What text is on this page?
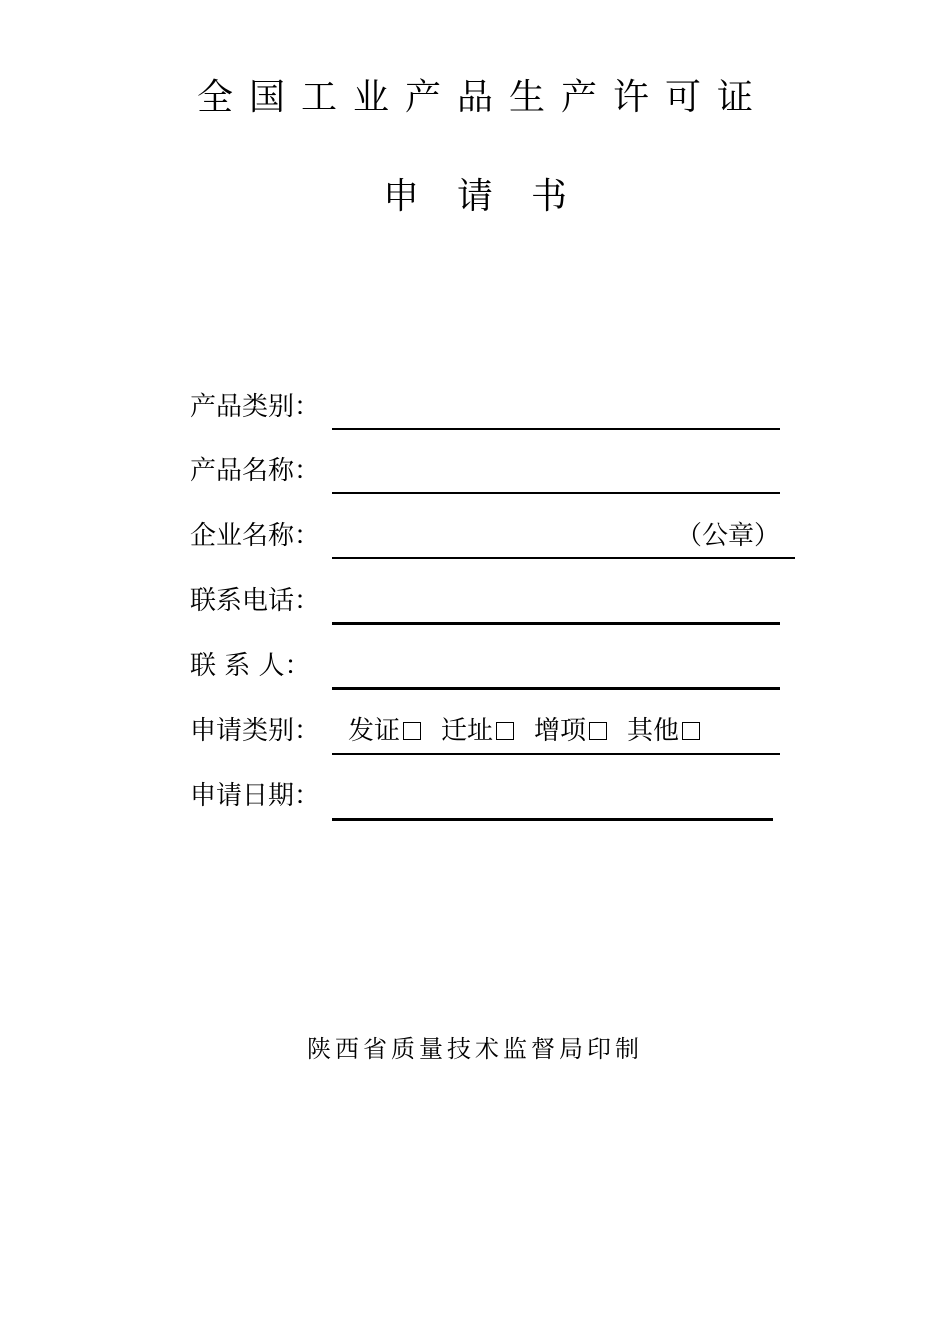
全国工业产品生产许可证
申请书
产品类别：
产品名称：
企业名称：	（公章）
联系电话：
联 系 人：
申请类别： 发证 迁址 增项 其他
申请日期：
陕西省质量技术监督局印制
